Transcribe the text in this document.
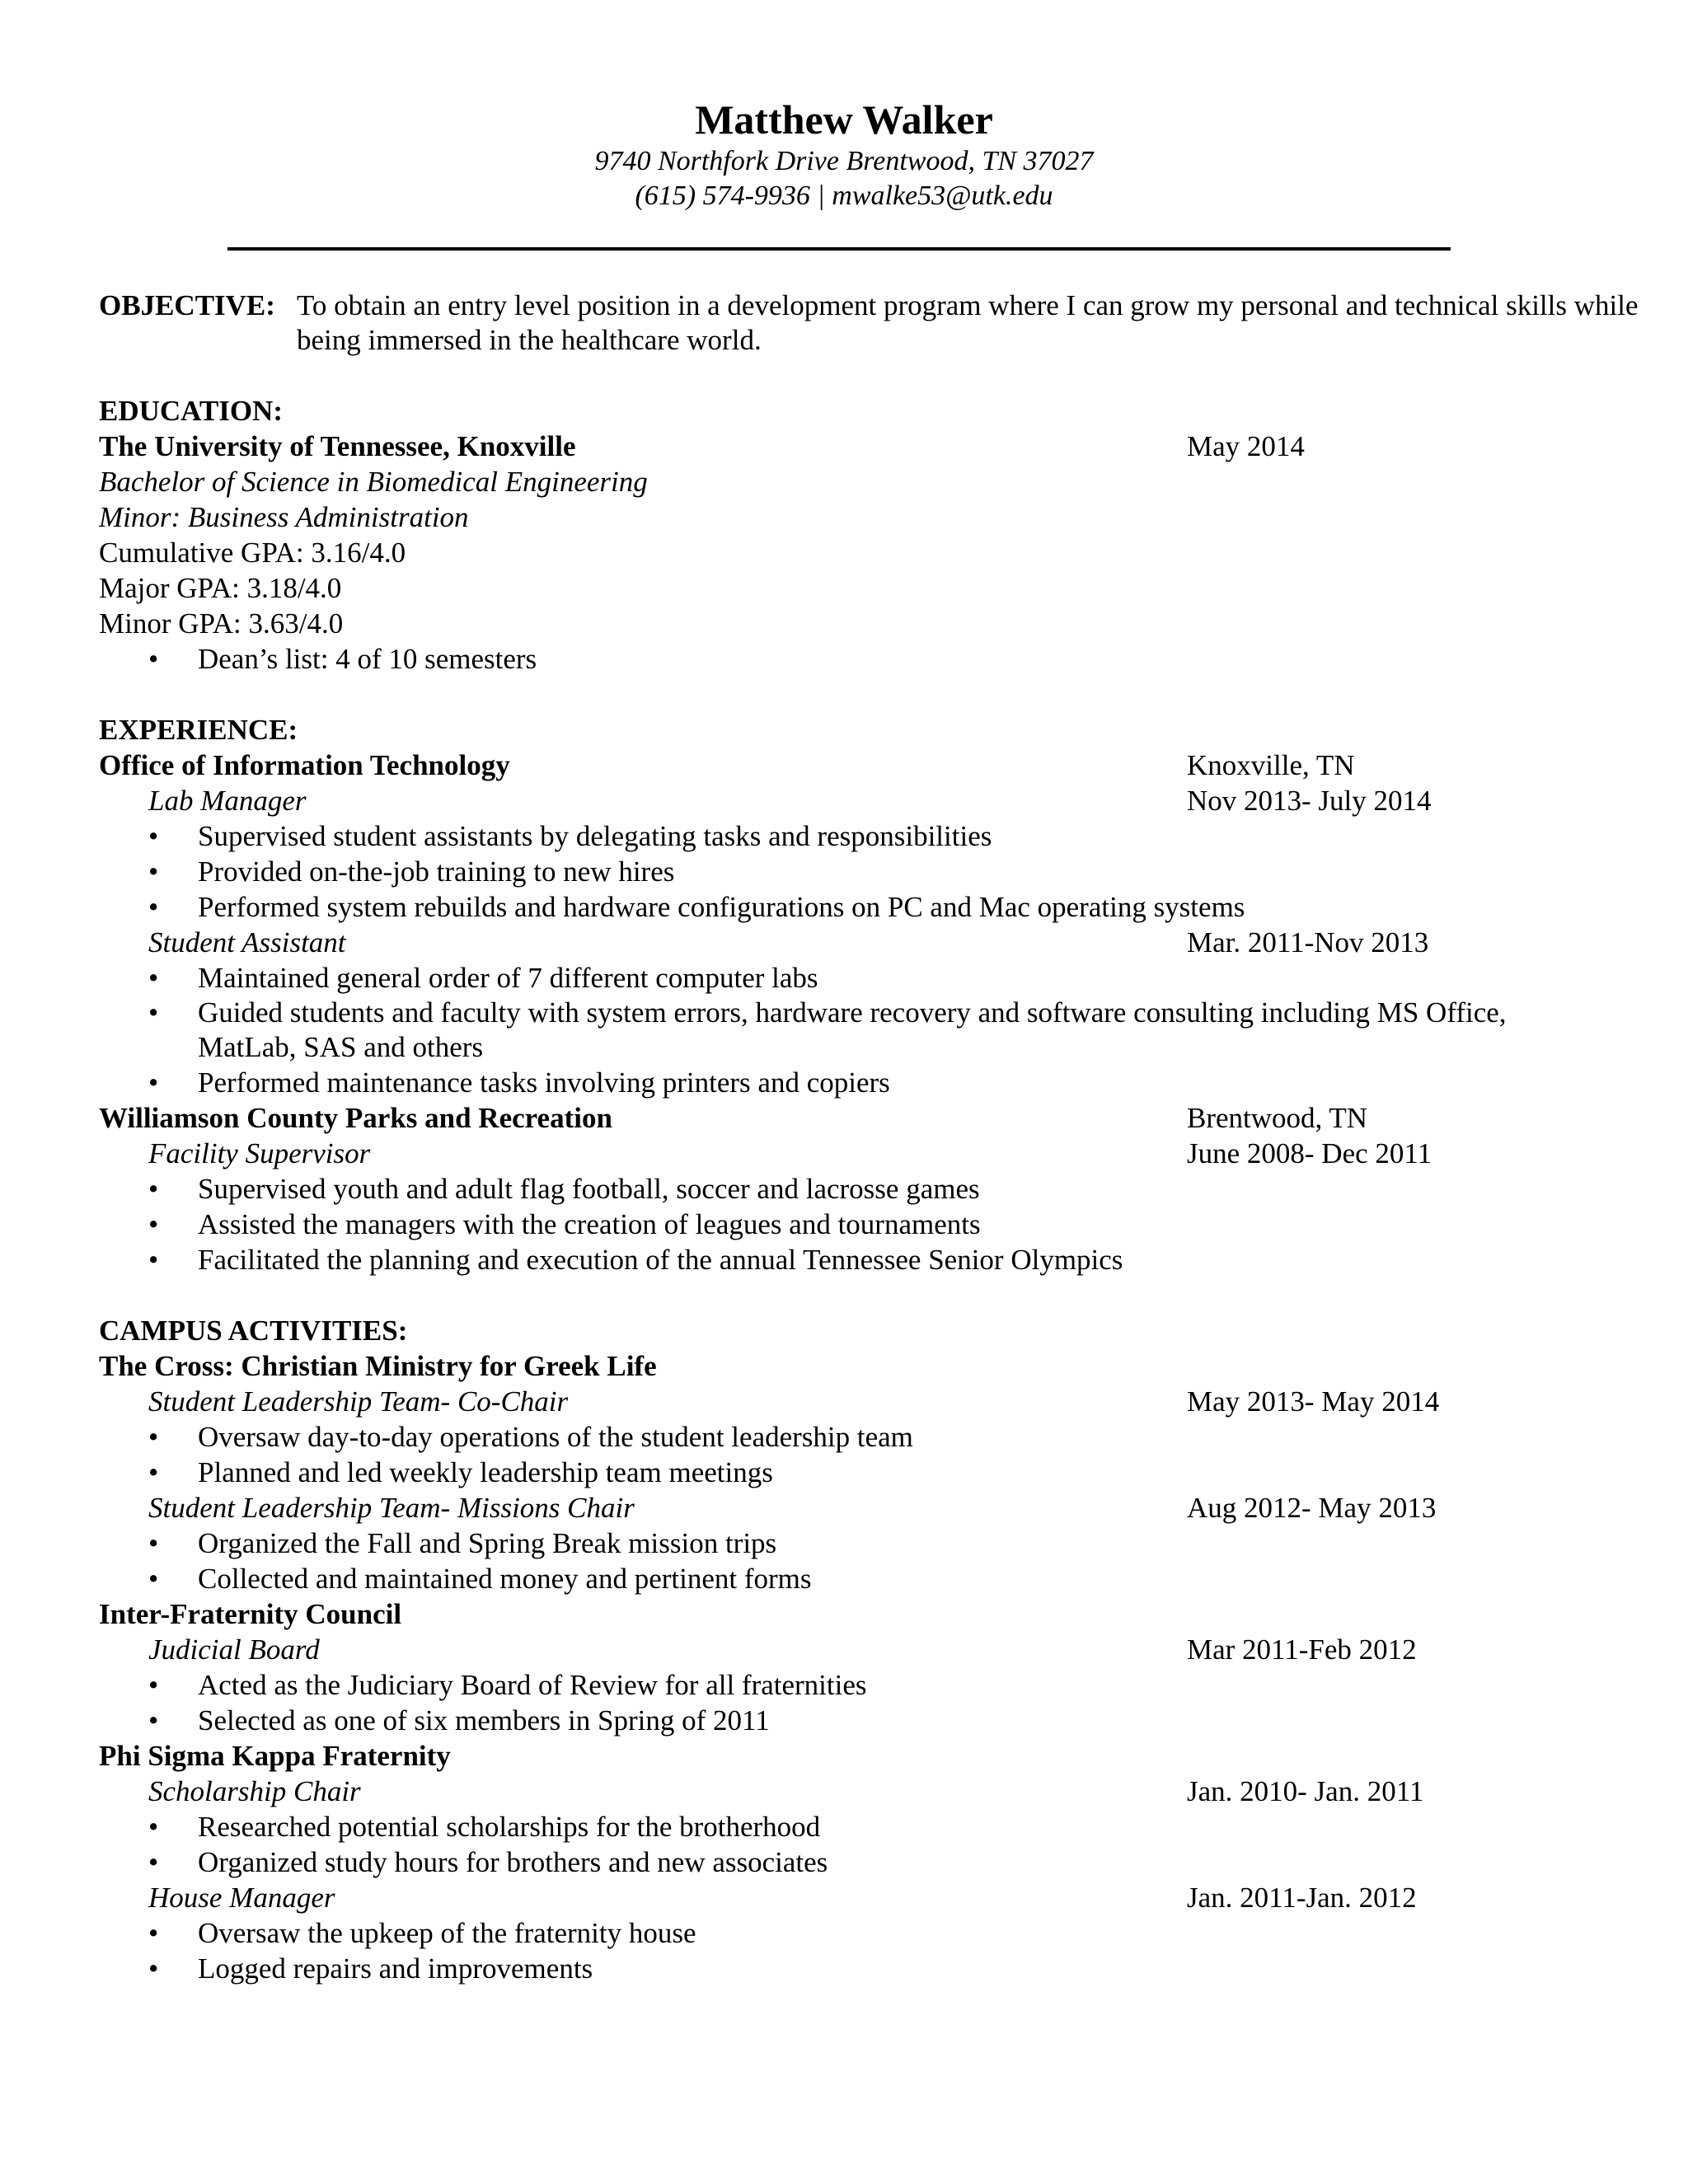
Matthew Walker
9740 Northfork Drive Brentwood, TN 37027
(615) 574-9936 | mwalke53@utk.edu
OBJECTIVE: To obtain an entry level position in a development program where I can grow my personal and technical skills while being immersed in the healthcare world.
EDUCATION:
The University of Tennessee, Knoxville	May 2014
Bachelor of Science in Biomedical Engineering
Minor: Business Administration
Cumulative GPA: 3.16/4.0
Major GPA: 3.18/4.0
Minor GPA: 3.63/4.0
• Dean’s list: 4 of 10 semesters
EXPERIENCE:
Office of Information Technology	Knoxville, TN
Lab Manager	Nov 2013- July 2014
• Supervised student assistants by delegating tasks and responsibilities
• Provided on-the-job training to new hires
• Performed system rebuilds and hardware configurations on PC and Mac operating systems
Student Assistant	Mar. 2011-Nov 2013
• Maintained general order of 7 different computer labs
• Guided students and faculty with system errors, hardware recovery and software consulting including MS Office, MatLab, SAS and others
• Performed maintenance tasks involving printers and copiers
Williamson County Parks and Recreation	Brentwood, TN
Facility Supervisor	June 2008- Dec 2011
• Supervised youth and adult flag football, soccer and lacrosse games
• Assisted the managers with the creation of leagues and tournaments
• Facilitated the planning and execution of the annual Tennessee Senior Olympics
CAMPUS ACTIVITIES:
The Cross: Christian Ministry for Greek Life
Student Leadership Team- Co-Chair	May 2013- May 2014
• Oversaw day-to-day operations of the student leadership team
• Planned and led weekly leadership team meetings
Student Leadership Team- Missions Chair	Aug 2012- May 2013
• Organized the Fall and Spring Break mission trips
• Collected and maintained money and pertinent forms
Inter-Fraternity Council
Judicial Board	Mar 2011-Feb 2012
• Acted as the Judiciary Board of Review for all fraternities
• Selected as one of six members in Spring of 2011
Phi Sigma Kappa Fraternity
Scholarship Chair	Jan. 2010- Jan. 2011
• Researched potential scholarships for the brotherhood
• Organized study hours for brothers and new associates
House Manager	Jan. 2011-Jan. 2012
• Oversaw the upkeep of the fraternity house
• Logged repairs and improvements
